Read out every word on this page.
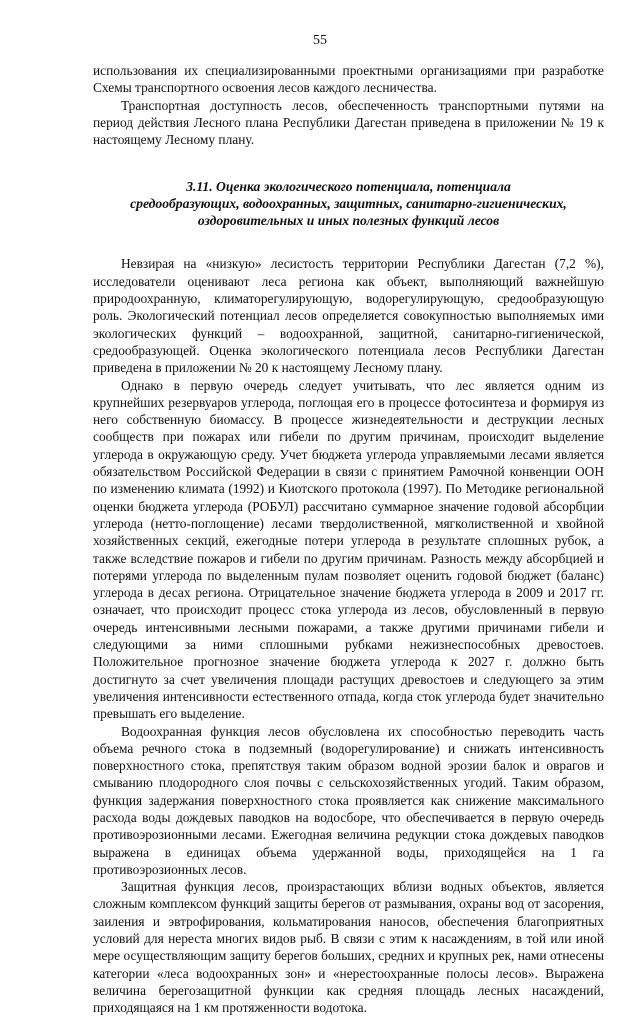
55

использования их специализированными проектными организациями при разработке Схемы транспортного освоения лесов каждого лесничества.

Транспортная доступность лесов, обеспеченность транспортными путями на период действия Лесного плана Республики Дагестан приведена в приложении № 19 к настоящему Лесному плану.

3.11. Оценка экологического потенциала, потенциала
средообразующих, водоохранных, защитных, санитарно-гигиенических,
оздоровительных и иных полезных функций лесов

Невзирая на «низкую» лесистость территории Республики Дагестан (7,2 %), исследователи оценивают леса региона как объект, выполняющий важнейшую природоохранную, климаторегулирующую, водорегулирующую, средообразующую роль. Экологический потенциал лесов определяется совокупностью выполняемых ими экологических функций – водоохранной, защитной, санитарно-гигиенической, средообразующей. Оценка экологического потенциала лесов Республики Дагестан приведена в приложении № 20 к настоящему Лесному плану.

Однако в первую очередь следует учитывать, что лес является одним из крупнейших резервуаров углерода, поглощая его в процессе фотосинтеза и формируя из него собственную биомассу. В процессе жизнедеятельности и деструкции лесных сообществ при пожарах или гибели по другим причинам, происходит выделение углерода в окружающую среду. Учет бюджета углерода управляемыми лесами является обязательством Российской Федерации в связи с принятием Рамочной конвенции ООН по изменению климата (1992) и Киотского протокола (1997). По Методике региональной оценки бюджета углерода (РОБУЛ) рассчитано суммарное значение годовой абсорбции углерода (нетто-поглощение) лесами твердолиственной, мягколиственной и хвойной хозяйственных секций, ежегодные потери углерода в результате сплошных рубок, а также вследствие пожаров и гибели по другим причинам. Разность между абсорбцией и потерями углерода по выделенным пулам позволяет оценить годовой бюджет (баланс) углерода в десах региона. Отрицательное значение бюджета углерода в 2009 и 2017 гг. означает, что происходит процесс стока углерода из лесов, обусловленный в первую очередь интенсивными лесными пожарами, а также другими причинами гибели и следующими за ними сплошными рубками нежизнеспособных древостоев. Положительное прогнозное значение бюджета углерода к 2027 г. должно быть достигнуто за счет увеличения площади растущих древостоев и следующего за этим увеличения интенсивности естественного отпада, когда сток углерода будет значительно превышать его выделение.

Водоохранная функция лесов обусловлена их способностью переводить часть объема речного стока в подземный (водорегулирование) и снижать интенсивность поверхностного стока, препятствуя таким образом водной эрозии балок и оврагов и смыванию плодородного слоя почвы с сельскохозяйственных угодий. Таким образом, функция задержания поверхностного стока проявляется как снижение максимального расхода воды дождевых паводков на водосборе, что обеспечивается в первую очередь противоэрозионными лесами. Ежегодная величина редукции стока дождевых паводков выражена в единицах объема удержанной воды, приходящейся на 1 га противоэрозионных лесов.

Защитная функция лесов, произрастающих вблизи водных объектов, является сложным комплексом функций защиты берегов от размывания, охраны вод от засорения, заиления и эвтрофирования, кольматирования наносов, обеспечения благоприятных условий для нереста многих видов рыб. В связи с этим к насаждениям, в той или иной мере осуществляющим защиту берегов больших, средних и крупных рек, нами отнесены категории «леса водоохранных зон» и «нерестоохранные полосы лесов». Выражена величина берегозащитной функции как средняя площадь лесных насаждений, приходящаяся на 1 км протяженности водотока.
